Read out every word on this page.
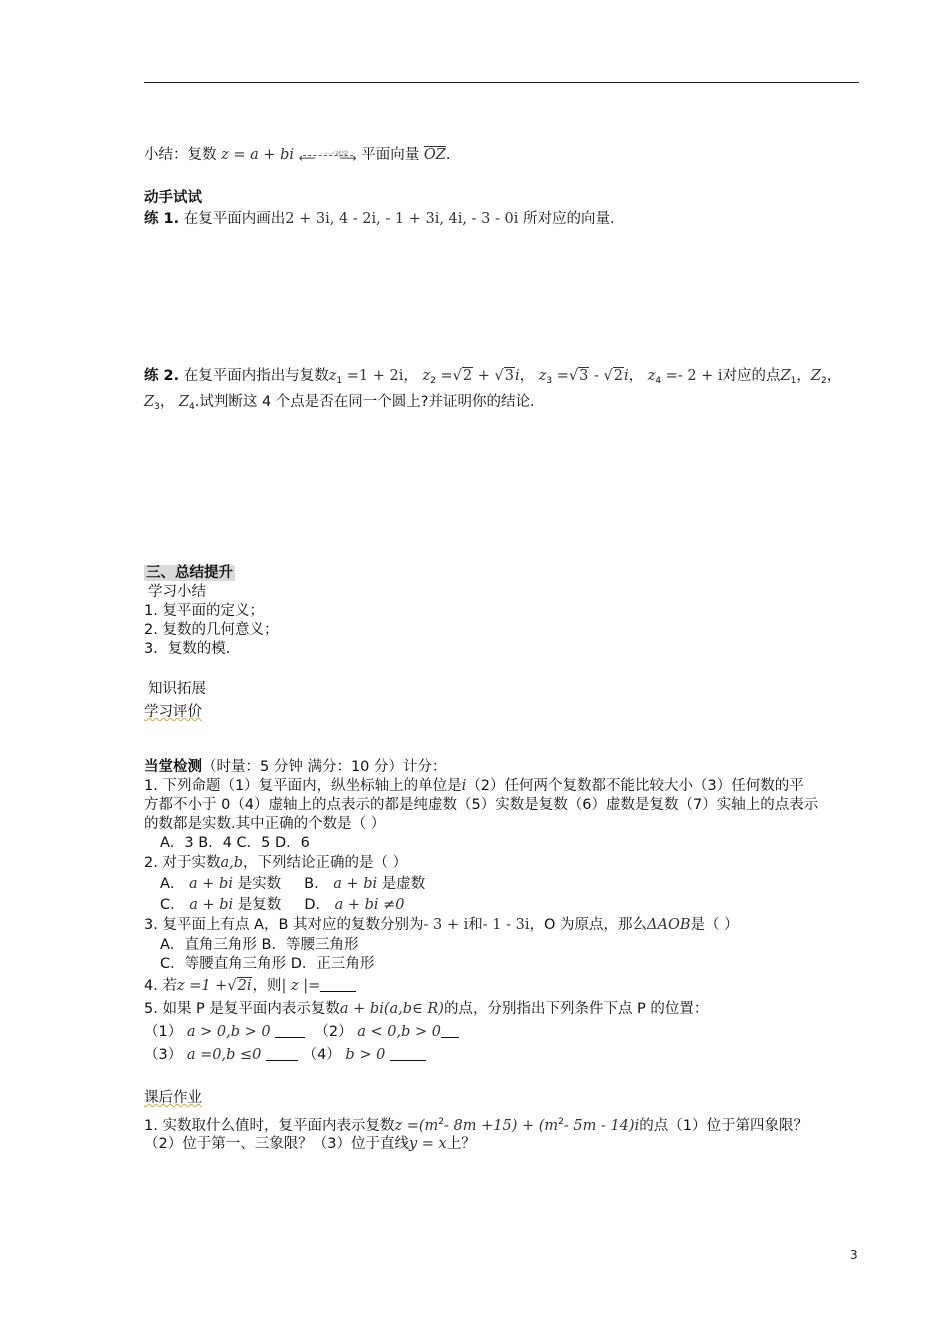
小结：复数 z = a + bi ⟵ 一一对应
⟶ 平面向量 $\overline{OZ}$.
动手试试
练 1. 在复平面内画出2 + 3i, 4 - 2i, - 1 + 3i, 4i, - 3 - 0i 所对应的向量.
练 2. 在复平面内指出与复数$z_1 =1 + 2i$， $z_2 =√2 + √3i$， $z_3 =√3 - √2i$， $z_4 =- 2 + i$对应的点$Z_1$，$Z_2$，
$Z_3$， $Z_4$.试判断这 4 个点是否在同一个圆上?并证明你的结论.
三、总结提升
学习小结
1. 复平面的定义；
2. 复数的几何意义；
3．复数的模.
知识拓展
学习评价
当堂检测（时量：5 分钟 满分：10 分）计分：
1. 下列命题（1）复平面内，纵坐标轴上的单位是i（2）任何两个复数都不能比较大小（3）任何数的平
方都不小于 0（4）虚轴上的点表示的都是纯虚数（5）实数是复数（6）虚数是复数（7）实轴上的点表示
的数都是实数.其中正确的个数是（ ）
A．3 B．4 C．5 D．6
2. 对于实数a,b，下列结论正确的是（ ）
A． a + bi 是实数 B． a + bi 是虚数
C． a + bi 是复数 D． a + bi ≠0
3. 复平面上有点 A，B 其对应的复数分别为- 3 + i和- 1 - 3i，O 为原点，那么ΔAOB是（ ）
A．直角三角形 B．等腰三角形
C．等腰直角三角形 D．正三角形
4. 若z =1 +√2i，则| z |=
5. 如果 P 是复平面内表示复数a + bi(a,b∈ R)的点，分别指出下列条件下点 P 的位置：
（1） a > 0,b > 0	（2） a < 0,b > 0
（3） a =0,b ≤0	（4） b > 0
课后作业
1. 实数取什么值时，复平面内表示复数$z =(m^2-$ $8m +15) + (m^2-$ 5m - 14)i的点（1）位于第四象限？
（2）位于第一、三象限？（3）位于直线y = x上？
3
